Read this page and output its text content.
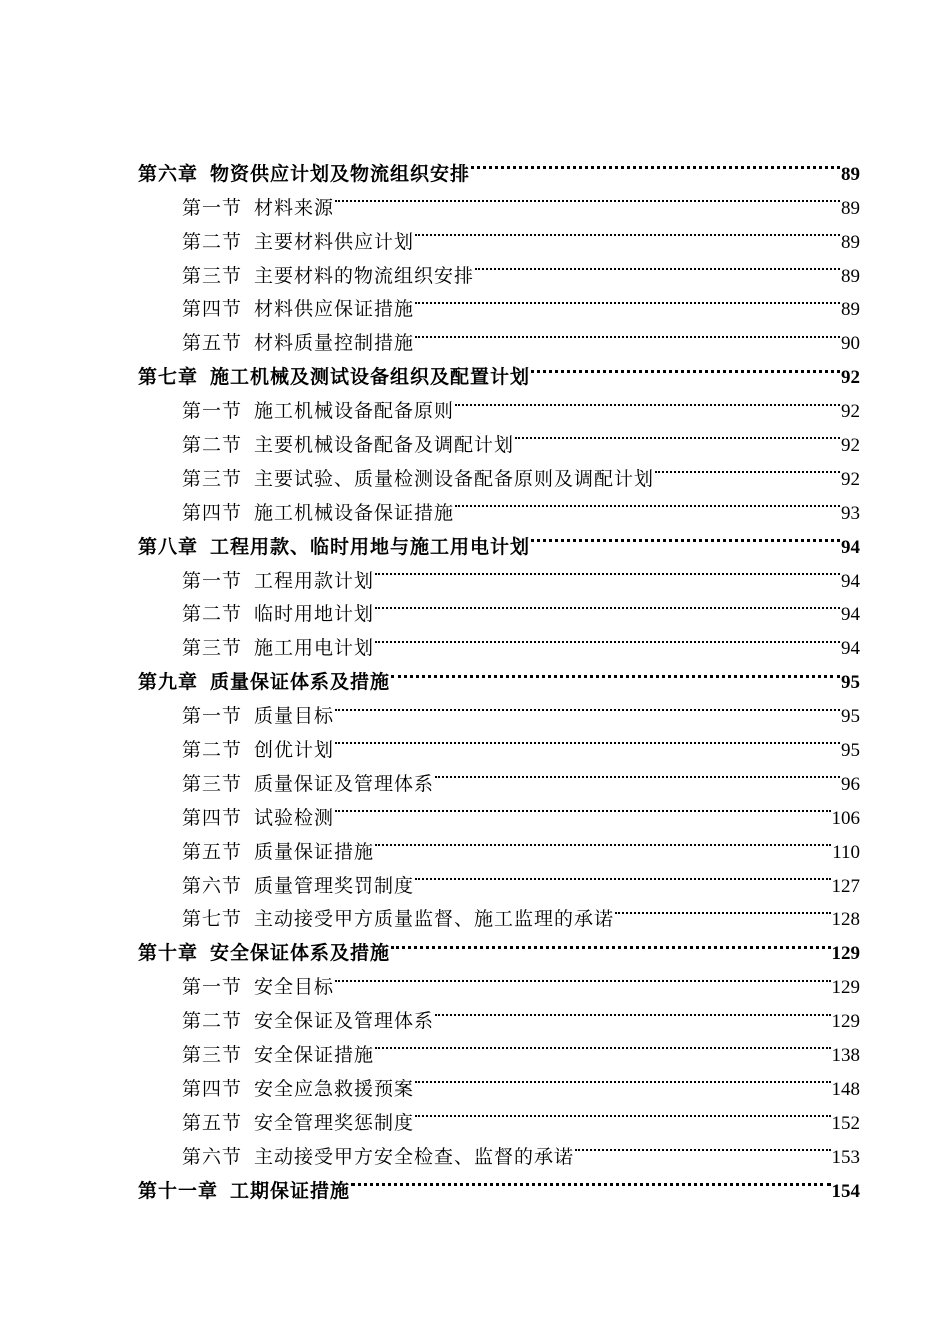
第六章 物资供应计划及物流组织安排	89
第一节 材料来源	89
第二节 主要材料供应计划	89
第三节 主要材料的物流组织安排	89
第四节 材料供应保证措施	89
第五节 材料质量控制措施	90
第七章 施工机械及测试设备组织及配置计划	92
第一节 施工机械设备配备原则	92
第二节 主要机械设备配备及调配计划	92
第三节 主要试验、质量检测设备配备原则及调配计划	92
第四节 施工机械设备保证措施	93
第八章 工程用款、临时用地与施工用电计划	94
第一节 工程用款计划	94
第二节 临时用地计划	94
第三节 施工用电计划	94
第九章 质量保证体系及措施	95
第一节 质量目标	95
第二节 创优计划	95
第三节 质量保证及管理体系	96
第四节 试验检测	106
第五节 质量保证措施	110
第六节 质量管理奖罚制度	127
第七节 主动接受甲方质量监督、施工监理的承诺	128
第十章 安全保证体系及措施	129
第一节 安全目标	129
第二节 安全保证及管理体系	129
第三节 安全保证措施	138
第四节 安全应急救援预案	148
第五节 安全管理奖惩制度	152
第六节 主动接受甲方安全检查、监督的承诺	153
第十一章 工期保证措施	154
